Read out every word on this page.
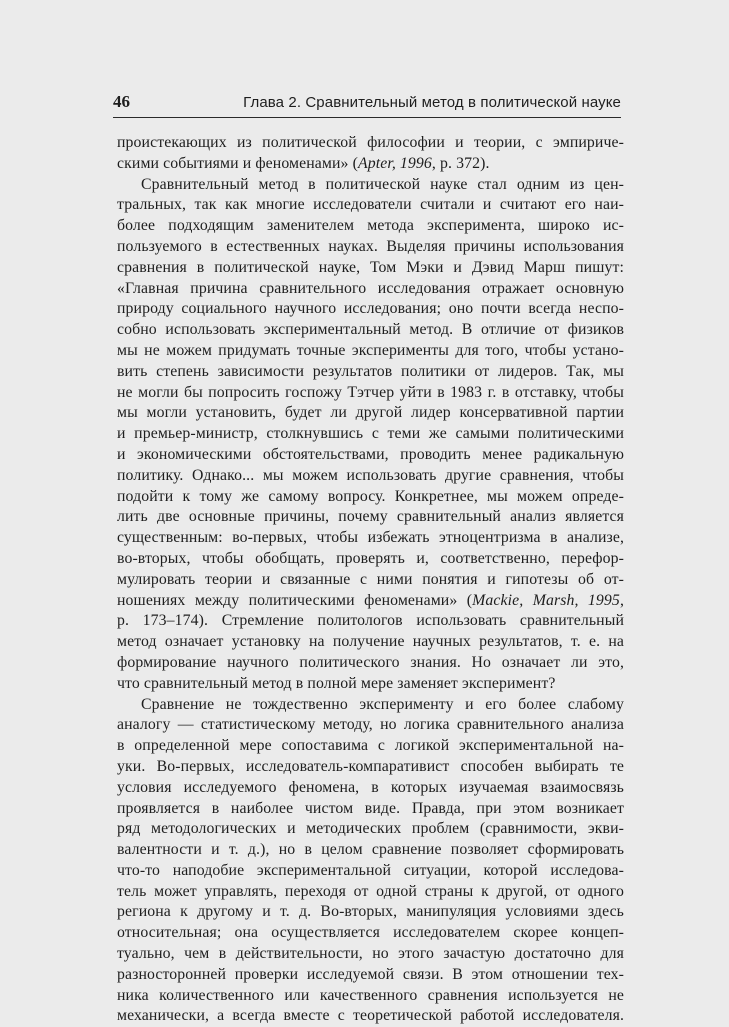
46	Глава 2. Сравнительный метод в политической науке
проистекающих из политической философии и теории, с эмпириче-
скими событиями и феноменами» (Apter, 1996, p. 372).
Сравнительный метод в политической науке стал одним из цен-
тральных, так как многие исследователи считали и считают его наи-
более подходящим заменителем метода эксперимента, широко ис-
пользуемого в естественных науках. Выделяя причины использования
сравнения в политической науке, Том Мэки и Дэвид Марш пишут:
«Главная причина сравнительного исследования отражает основную
природу социального научного исследования; оно почти всегда неспо-
собно использовать экспериментальный метод. В отличие от физиков
мы не можем придумать точные эксперименты для того, чтобы устано-
вить степень зависимости результатов политики от лидеров. Так, мы
не могли бы попросить госпожу Тэтчер уйти в 1983 г. в отставку, чтобы
мы могли установить, будет ли другой лидер консервативной партии
и премьер-министр, столкнувшись с теми же самыми политическими
и экономическими обстоятельствами, проводить менее радикальную
политику. Однако... мы можем использовать другие сравнения, чтобы
подойти к тому же самому вопросу. Конкретнее, мы можем опреде-
лить две основные причины, почему сравнительный анализ является
существенным: во-первых, чтобы избежать этноцентризма в анализе,
во-вторых, чтобы обобщать, проверять и, соответственно, перефор-
мулировать теории и связанные с ними понятия и гипотезы об от-
ношениях между политическими феноменами» (Mackie, Marsh, 1995,
p. 173–174). Стремление политологов использовать сравнительный
метод означает установку на получение научных результатов, т. е. на
формирование научного политического знания. Но означает ли это,
что сравнительный метод в полной мере заменяет эксперимент?
Сравнение не тождественно эксперименту и его более слабому
аналогу — статистическому методу, но логика сравнительного анализа
в определенной мере сопоставима с логикой экспериментальной на-
уки. Во-первых, исследователь-компаративист способен выбирать те
условия исследуемого феномена, в которых изучаемая взаимосвязь
проявляется в наиболее чистом виде. Правда, при этом возникает
ряд методологических и методических проблем (сравнимости, экви-
валентности и т. д.), но в целом сравнение позволяет сформировать
что-то наподобие экспериментальной ситуации, которой исследова-
тель может управлять, переходя от одной страны к другой, от одного
региона к другому и т. д. Во-вторых, манипуляция условиями здесь
относительная; она осуществляется исследователем скорее концеп-
туально, чем в действительности, но этого зачастую достаточно для
разносторонней проверки исследуемой связи. В этом отношении тех-
ника количественного или качественного сравнения используется не
механически, а всегда вместе с теоретической работой исследователя.
